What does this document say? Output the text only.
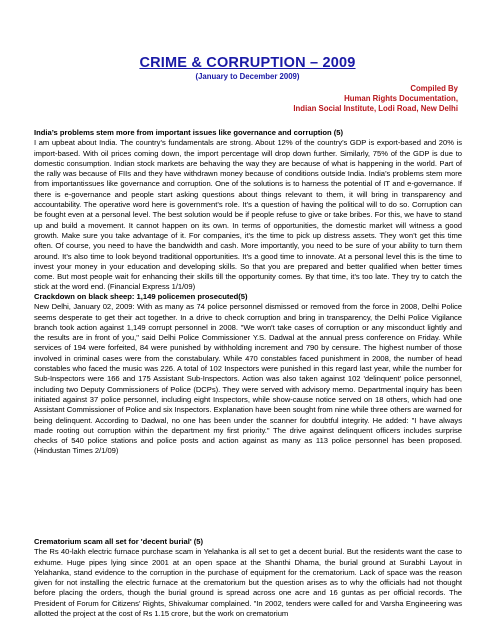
CRIME & CORRUPTION – 2009
(January to December 2009)
Compiled By
Human Rights Documentation,
Indian Social Institute, Lodi Road, New Delhi
India’s problems stem more from important issues like governance and corruption (5)
I am upbeat about India. The country’s fundamentals are strong. About 12% of the country’s GDP is export-based and 20% is import-based. With oil prices coming down, the import percentage will drop down further. Similarly, 75% of the GDP is due to domestic consumption. Indian stock markets are behaving the way they are because of what is happening in the world. Part of the rally was because of FIIs and they have withdrawn money because of conditions outside India. India’s problems stem more from importantissues like governance and corruption. One of the solutions is to harness the potential of IT and e-governance. If there is e-governance and people start asking questions about things relevant to them, it will bring in transparency and accountability. The operative word here is government’s role. It’s a question of having the political will to do so. Corruption can be fought even at a personal level. The best solution would be if people refuse to give or take bribes. For this, we have to stand up and build a movement. It cannot happen on its own. In terms of opportunities, the domestic market will witness a good growth. Make sure you take advantage of it. For companies, it’s the time to pick up distress assets. They won’t get this time often. Of course, you need to have the bandwidth and cash. More importantly, you need to be sure of your ability to turn them around. It’s also time to look beyond traditional opportunities. It’s a good time to innovate. At a personal level this is the time to invest your money in your education and developing skills. So that you are prepared and better qualified when better times come. But most people wait for enhancing their skills till the opportunity comes. By that time, it’s too late. They try to catch the stick at the word end. (Financial Express 1/1/09)
Crackdown on black sheep: 1,149 policemen prosecuted(5)
New Delhi, January 02, 2009: With as many as 74 police personnel dismissed or removed from the force in 2008, Delhi Police seems desperate to get their act together. In a drive to check corruption and bring in transparency, the Delhi Police Vigilance branch took action against 1,149 corrupt personnel in 2008. "We won't take cases of corruption or any misconduct lightly and the results are in front of you," said Delhi Police Commissioner Y.S. Dadwal at the annual press conference on Friday. While services of 194 were forfeited, 84 were punished by withholding increment and 790 by censure. The highest number of those involved in criminal cases were from the constabulary. While 470 constables faced punishment in 2008, the number of head constables who faced the music was 226. A total of 102 Inspectors were punished in this regard last year, while the number for Sub-Inspectors were 166 and 175 Assistant Sub-Inspectors. Action was also taken against 102 'delinquent' police personnel, including two Deputy Commissioners of Police (DCPs). They were served with advisory memo. Departmental inquiry has been initiated against 37 police personnel, including eight Inspectors, while show-cause notice served on 18 others, which had one Assistant Commissioner of Police and six Inspectors. Explanation have been sought from nine while three others are warned for being delinquent. According to Dadwal, no one has been under the scanner for doubtful integrity. He added: "I have always made rooting out corruption within the department my first priority." The drive against delinquent officers includes surprise checks of 540 police stations and police posts and action against as many as 113 police personnel has been proposed.(Hindustan Times 2/1/09)
Crematorium scam all set for 'decent burial' (5)
The Rs 40-lakh electric furnace purchase scam in Yelahanka is all set to get a decent burial. But the residents want the case to exhume. Huge pipes lying since 2001 at an open space at the Shanthi Dhama, the burial ground at Surabhi Layout in Yelahanka, stand evidence to the corruption in the purchase of equipment for the crematorium. Lack of space was the reason given for not installing the electric furnace at the crematorium but the question arises as to why the officials had not thought before placing the orders, though the burial ground is spread across one acre and 16 guntas as per official records. The President of Forum for Citizens’ Rights, Shivakumar complained. "In 2002, tenders were called for and Varsha Engineering was allotted the project at the cost of Rs 1.15 crore, but the work on crematorium
